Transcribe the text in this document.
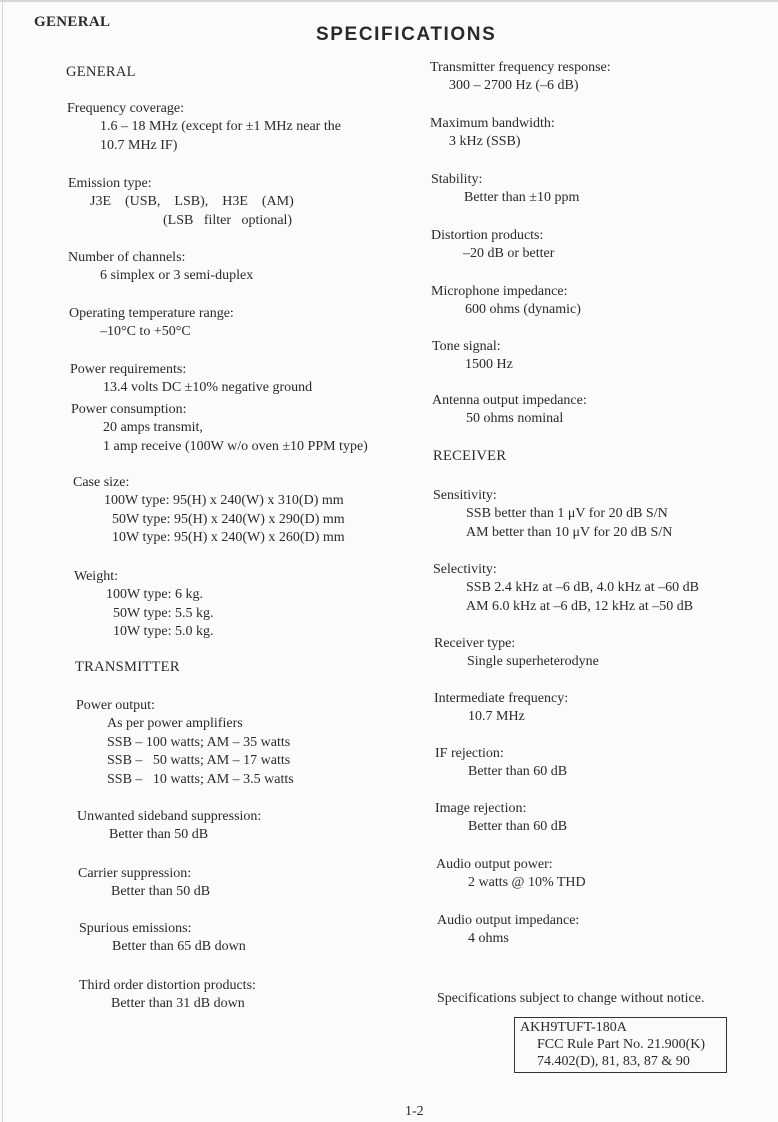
GENERAL
SPECIFICATIONS
GENERAL
Frequency coverage:
1.6 – 18 MHz (except for ±1 MHz near the
10.7 MHz IF)
Emission type:
J3E    (USB,    LSB),    H3E    (AM)
(LSB   filter   optional)
Number of channels:
6 simplex or 3 semi-duplex
Operating temperature range:
–10°C to +50°C
Power requirements:
13.4 volts DC ±10% negative ground
Power consumption:
20 amps transmit,
1 amp receive (100W w/o oven ±10 PPM type)
Case size:
100W type: 95(H) x 240(W) x 310(D) mm
50W type: 95(H) x 240(W) x 290(D) mm
10W type: 95(H) x 240(W) x 260(D) mm
Weight:
100W type: 6 kg.
50W type: 5.5 kg.
10W type: 5.0 kg.
TRANSMITTER
Power output:
As per power amplifiers
SSB – 100 watts; AM – 35 watts
SSB –   50 watts; AM – 17 watts
SSB –   10 watts; AM – 3.5 watts
Unwanted sideband suppression:
Better than 50 dB
Carrier suppression:
Better than 50 dB
Spurious emissions:
Better than 65 dB down
Third order distortion products:
Better than 31 dB down
Transmitter frequency response:
300 – 2700 Hz (–6 dB)
Maximum bandwidth:
3 kHz (SSB)
Stability:
Better than ±10 ppm
Distortion products:
–20 dB or better
Microphone impedance:
600 ohms (dynamic)
Tone signal:
1500 Hz
Antenna output impedance:
50 ohms nominal
RECEIVER
Sensitivity:
SSB better than 1 μV for 20 dB S/N
AM better than 10 μV for 20 dB S/N
Selectivity:
SSB 2.4 kHz at –6 dB, 4.0 kHz at –60 dB
AM 6.0 kHz at –6 dB, 12 kHz at –50 dB
Receiver type:
Single superheterodyne
Intermediate frequency:
10.7 MHz
IF rejection:
Better than 60 dB
Image rejection:
Better than 60 dB
Audio output power:
2 watts @ 10% THD
Audio output impedance:
4 ohms
Specifications subject to change without notice.
AKH9TUFT-180A
FCC Rule Part No. 21.900(K)
74.402(D), 81, 83, 87 & 90
1-2
